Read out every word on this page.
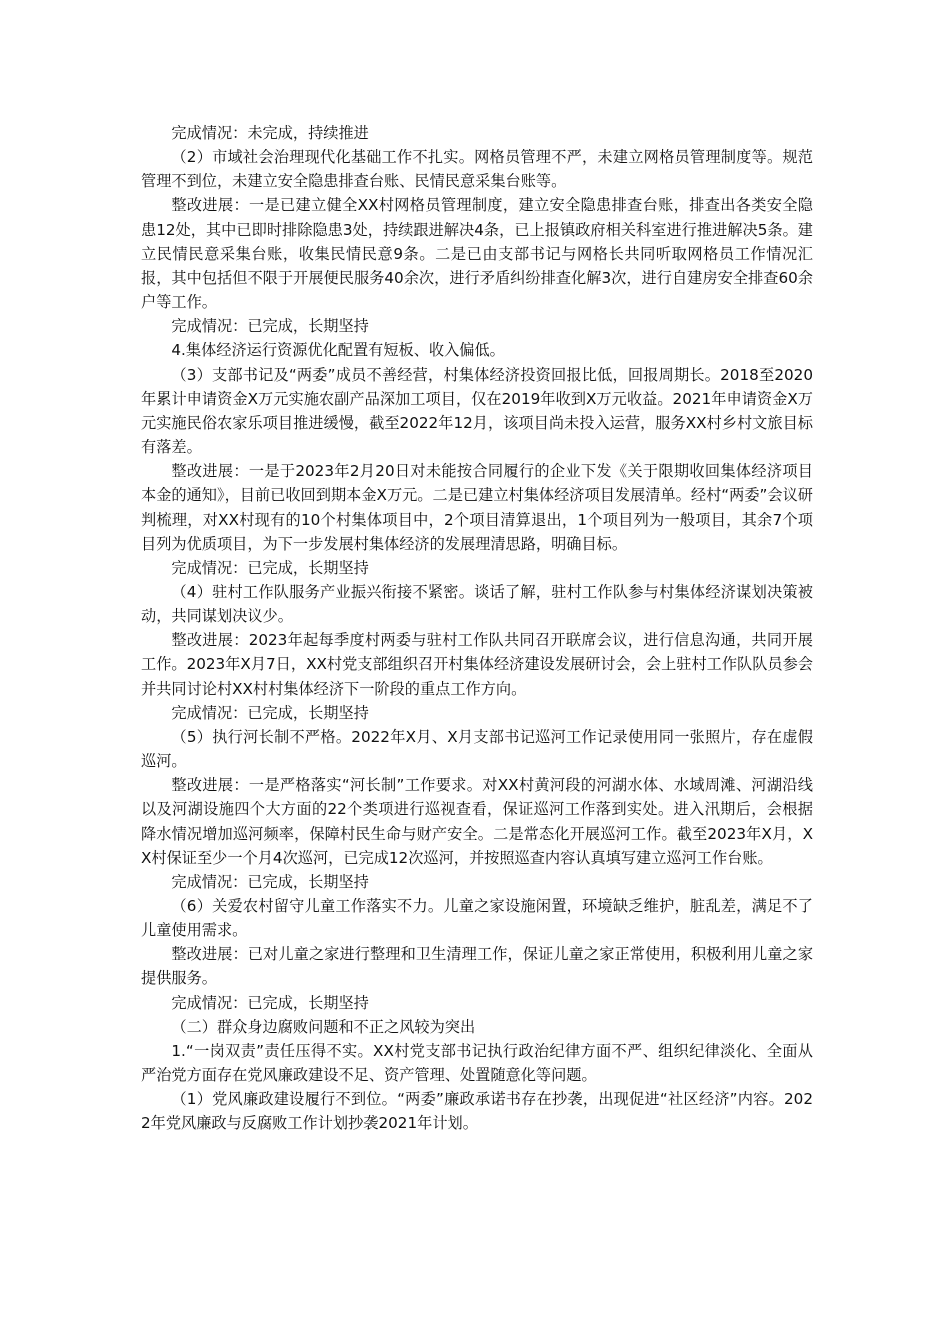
完成情况：未完成，持续推进

（2）市域社会治理现代化基础工作不扎实。网格员管理不严，未建立网格员管理制度等。规范管理不到位，未建立安全隐患排查台账、民情民意采集台账等。

整改进展：一是已建立健全XX村网格员管理制度，建立安全隐患排查台账，排查出各类安全隐患12处，其中已即时排除隐患3处，持续跟进解决4条，已上报镇政府相关科室进行推进解决5条。建立民情民意采集台账，收集民情民意9条。二是已由支部书记与网格长共同听取网格员工作情况汇报，其中包括但不限于开展便民服务40余次，进行矛盾纠纷排查化解3次，进行自建房安全排查60余户等工作。

完成情况：已完成，长期坚持

4.集体经济运行资源优化配置有短板、收入偏低。

（3）支部书记及“两委”成员不善经营，村集体经济投资回报比低，回报周期长。2018至2020年累计申请资金X万元实施农副产品深加工项目，仅在2019年收到X万元收益。2021年申请资金X万元实施民俗农家乐项目推进缓慢，截至2022年12月，该项目尚未投入运营，服务XX村乡村文旅目标有落差。

整改进展：一是于2023年2月20日对未能按合同履行的企业下发《关于限期收回集体经济项目本金的通知》，目前已收回到期本金X万元。二是已建立村集体经济项目发展清单。经村“两委”会议研判梳理，对XX村现有的10个村集体项目中，2个项目清算退出，1个项目列为一般项目，其余7个项目列为优质项目，为下一步发展村集体经济的发展理清思路，明确目标。

完成情况：已完成，长期坚持

（4）驻村工作队服务产业振兴衔接不紧密。谈话了解，驻村工作队参与村集体经济谋划决策被动，共同谋划决议少。

整改进展：2023年起每季度村两委与驻村工作队共同召开联席会议，进行信息沟通，共同开展工作。2023年X月7日，XX村党支部组织召开村集体经济建设发展研讨会，会上驻村工作队队员参会并共同讨论村XX村村集体经济下一阶段的重点工作方向。

完成情况：已完成，长期坚持

（5）执行河长制不严格。2022年X月、X月支部书记巡河工作记录使用同一张照片，存在虚假巡河。

整改进展：一是严格落实“河长制”工作要求。对XX村黄河段的河湖水体、水域周滩、河湖沿线以及河湖设施四个大方面的22个类项进行巡视查看，保证巡河工作落到实处。进入汛期后，会根据降水情况增加巡河频率，保障村民生命与财产安全。二是常态化开展巡河工作。截至2023年X月，XX村保证至少一个月4次巡河，已完成12次巡河，并按照巡查内容认真填写建立巡河工作台账。

完成情况：已完成，长期坚持

（6）关爱农村留守儿童工作落实不力。儿童之家设施闲置，环境缺乏维护，脏乱差，满足不了儿童使用需求。

整改进展：已对儿童之家进行整理和卫生清理工作，保证儿童之家正常使用，积极利用儿童之家提供服务。

完成情况：已完成，长期坚持

（二）群众身边腐败问题和不正之风较为突出

1.“一岗双责”责任压得不实。XX村党支部书记执行政治纪律方面不严、组织纪律淡化、全面从严治党方面存在党风廉政建设不足、资产管理、处置随意化等问题。

（1）党风廉政建设履行不到位。“两委”廉政承诺书存在抄袭，出现促进“社区经济”内容。2022年党风廉政与反腐败工作计划抄袭2021年计划。
